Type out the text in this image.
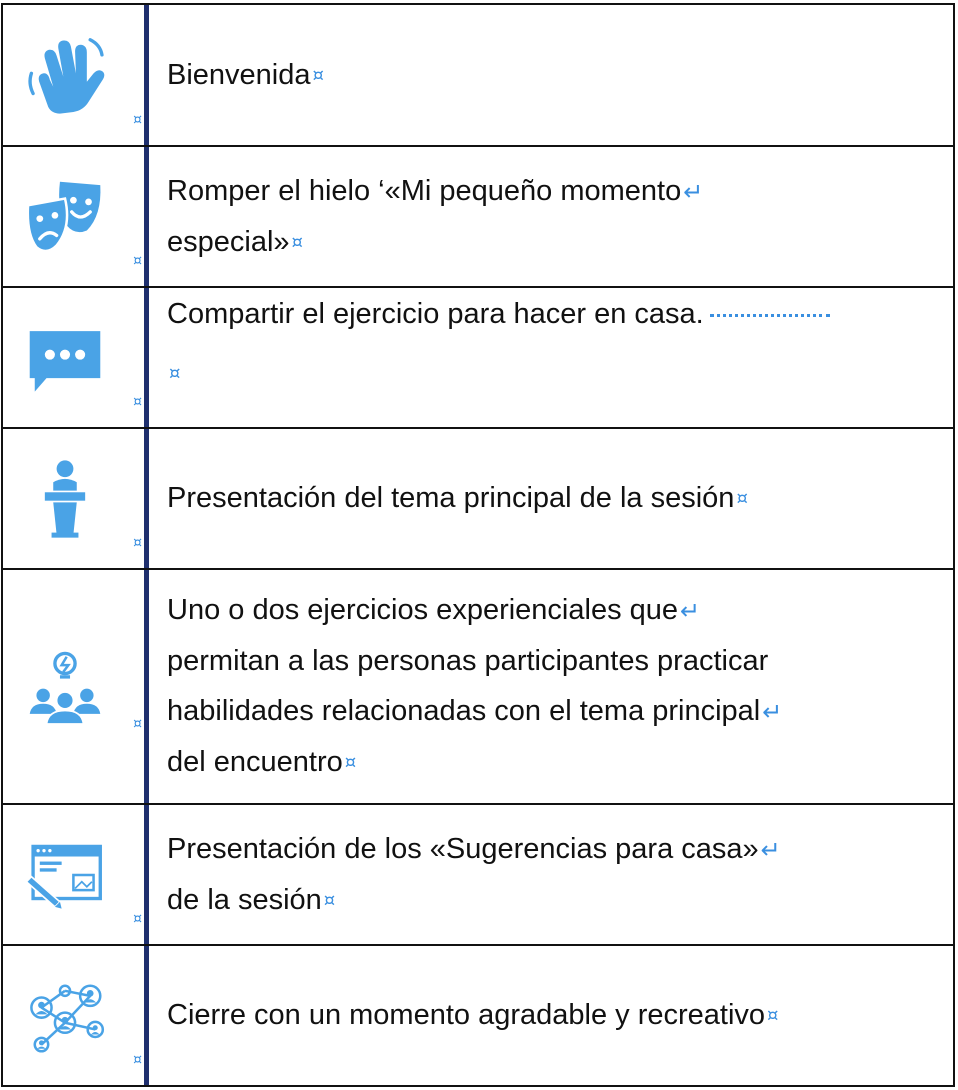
¤
Bienvenida ¤
¤
Romper el hielo ‘«Mi pequeño momento↵
especial» ¤
¤
Compartir el ejercicio para hacer en casa.
¤
¤
Presentación del tema principal de la sesión ¤
¤
Uno o dos ejercicios experienciales que↵
permitan a las personas participantes practicar
habilidades relacionadas con el tema principal↵
del encuentro ¤
¤
Presentación de los «Sugerencias para casa»↵
de la sesión ¤
¤
Cierre con un momento agradable y recreativo ¤
